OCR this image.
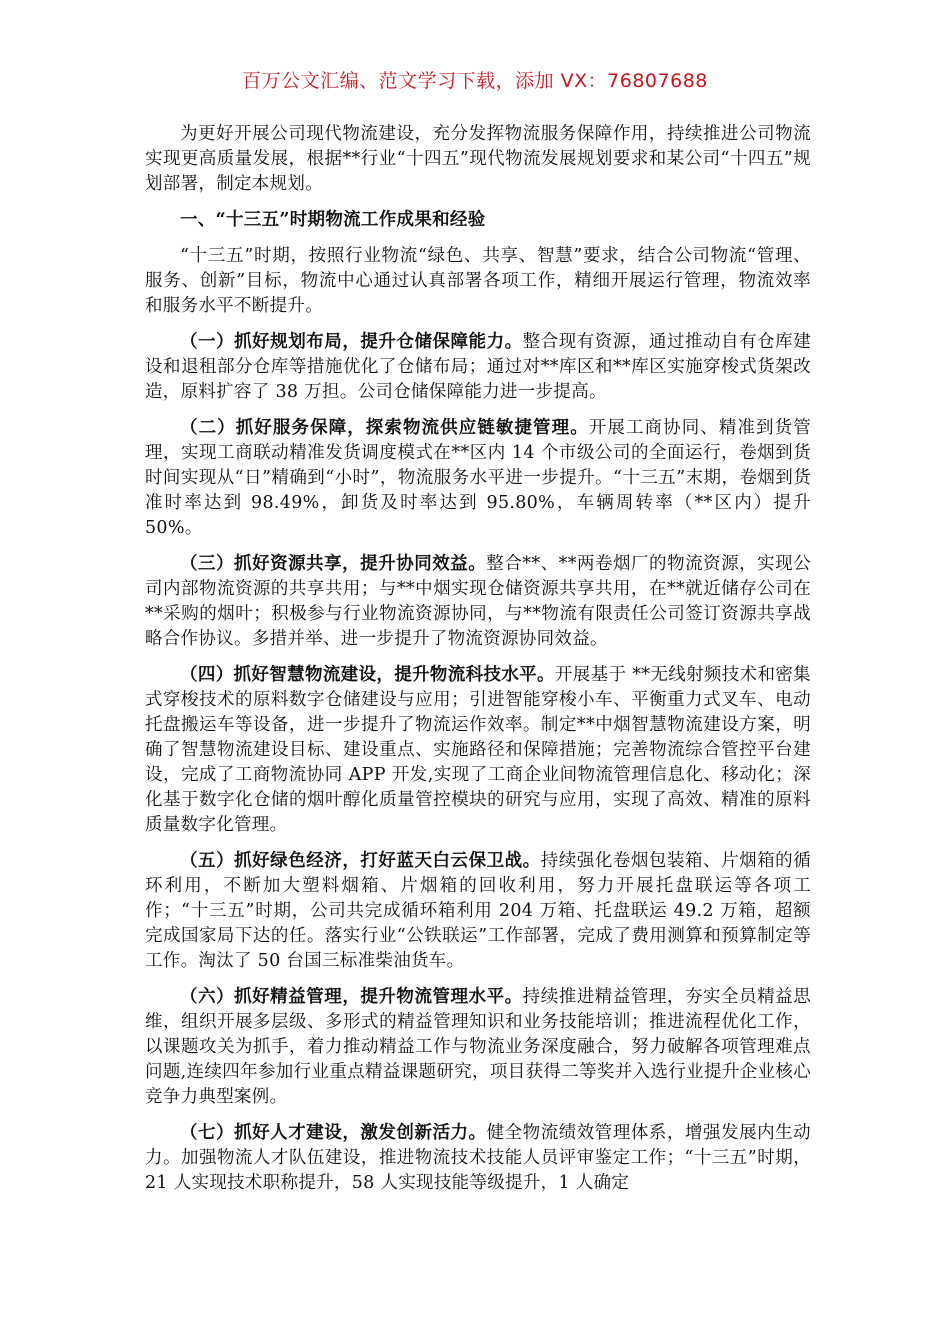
百万公文汇编、范文学习下载，添加 VX：76807688

为更好开展公司现代物流建设，充分发挥物流服务保障作用，持续推进公司物流实现更高质量发展，根据**行业“十四五”现代物流发展规划要求和某公司“十四五”规划部署，制定本规划。

一、“十三五”时期物流工作成果和经验

“十三五”时期，按照行业物流“绿色、共享、智慧”要求，结合公司物流“管理、服务、创新”目标，物流中心通过认真部署各项工作，精细开展运行管理，物流效率和服务水平不断提升。

（一）抓好规划布局，提升仓储保障能力。整合现有资源，通过推动自有仓库建设和退租部分仓库等措施优化了仓储布局；通过对**库区和**库区实施穿梭式货架改造，原料扩容了 38 万担。公司仓储保障能力进一步提高。

（二）抓好服务保障，探索物流供应链敏捷管理。开展工商协同、精准到货管理，实现工商联动精准发货调度模式在**区内 14 个市级公司的全面运行，卷烟到货时间实现从“日”精确到“小时”，物流服务水平进一步提升。“十三五”末期，卷烟到货准时率达到 98.49%，卸货及时率达到 95.80%，车辆周转率（**区内）提升 50%。

（三）抓好资源共享，提升协同效益。整合**、**两卷烟厂的物流资源，实现公司内部物流资源的共享共用；与**中烟实现仓储资源共享共用，在**就近储存公司在**采购的烟叶；积极参与行业物流资源协同，与**物流有限责任公司签订资源共享战略合作协议。多措并举、进一步提升了物流资源协同效益。

（四）抓好智慧物流建设，提升物流科技水平。开展基于 **无线射频技术和密集式穿梭技术的原料数字仓储建设与应用；引进智能穿梭小车、平衡重力式叉车、电动托盘搬运车等设备，进一步提升了物流运作效率。制定**中烟智慧物流建设方案，明确了智慧物流建设目标、建设重点、实施路径和保障措施；完善物流综合管控平台建设，完成了工商物流协同 APP 开发,实现了工商企业间物流管理信息化、移动化；深化基于数字化仓储的烟叶醇化质量管控模块的研究与应用，实现了高效、精准的原料质量数字化管理。

（五）抓好绿色经济，打好蓝天白云保卫战。持续强化卷烟包装箱、片烟箱的循环利用，不断加大塑料烟箱、片烟箱的回收利用，努力开展托盘联运等各项工作；“十三五”时期，公司共完成循环箱利用 204 万箱、托盘联运 49.2 万箱，超额完成国家局下达的任。落实行业“公铁联运”工作部署，完成了费用测算和预算制定等工作。淘汰了 50 台国三标准柴油货车。

（六）抓好精益管理，提升物流管理水平。持续推进精益管理，夯实全员精益思维，组织开展多层级、多形式的精益管理知识和业务技能培训；推进流程优化工作，以课题攻关为抓手，着力推动精益工作与物流业务深度融合，努力破解各项管理难点问题,连续四年参加行业重点精益课题研究，项目获得二等奖并入选行业提升企业核心竞争力典型案例。

（七）抓好人才建设，激发创新活力。健全物流绩效管理体系，增强发展内生动力。加强物流人才队伍建设，推进物流技术技能人员评审鉴定工作；“十三五”时期，21 人实现技术职称提升，58 人实现技能等级提升，1 人确定
